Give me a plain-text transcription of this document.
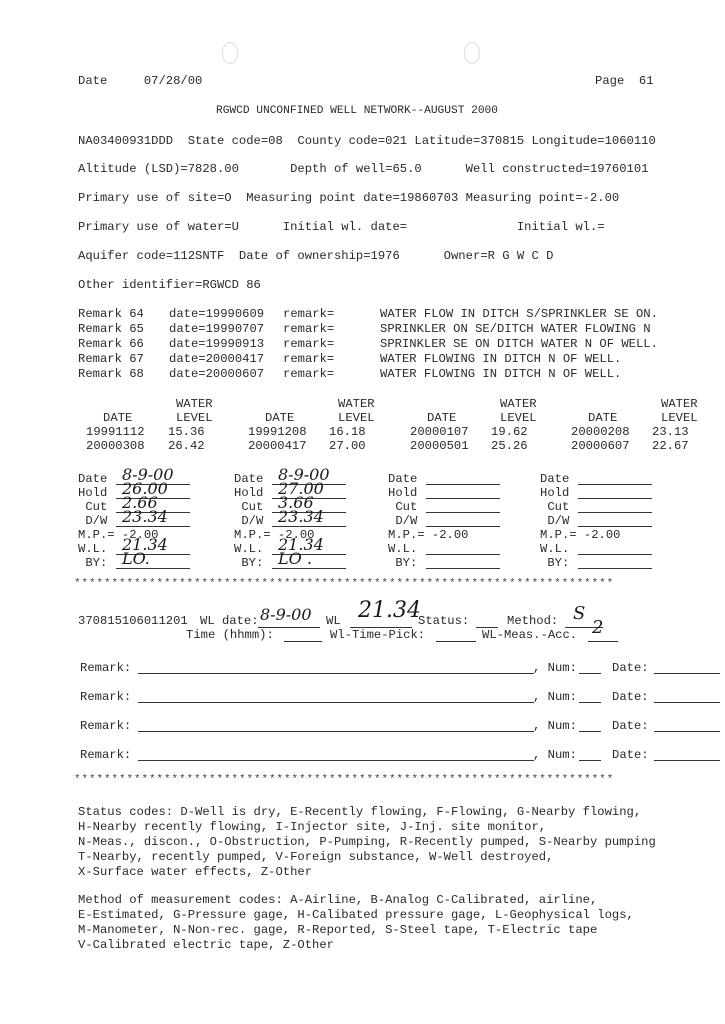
Date	07/28/00	Page 61
RGWCD UNCONFINED WELL NETWORK--AUGUST 2000
NA03400931DDD  State code=08  County code=021 Latitude=370815 Longitude=1060110
Altitude (LSD)=7828.00       Depth of well=65.0      Well constructed=19760101
Primary use of site=O  Measuring point date=19860703 Measuring point=-2.00
Primary use of water=U      Initial wl. date=               Initial wl.=
Aquifer code=112SNTF  Date of ownership=1976      Owner=R G W C D
Other identifier=RGWCD 86
Remark 64 date=19990609 remark=	WATER FLOW IN DITCH S/SPRINKLER SE ON.
Remark 65 date=19990707 remark=	SPRINKLER ON SE/DITCH WATER FLOWING N
Remark 66 date=19990913 remark=	SPRINKLER SE ON DITCH WATER N OF WELL.
Remark 67 date=20000417 remark=	WATER FLOWING IN DITCH N OF WELL.
Remark 68 date=20000607 remark=	WATER FLOWING IN DITCH N OF WELL.
WATER	WATER	WATER	WATER
DATE	LEVEL	DATE	LEVEL	DATE	LEVEL	DATE	LEVEL
19991112 15.36	19991208 16.18	20000107 19.62	20000208 23.13
20000308 26.42	20000417 27.00	20000501 25.26	20000607 22.67
Date 8-9-00
Hold 26.00
Cut 2.66
D/W 23.34
M.P.= -2.00
W.L. 21.34
BY: LO.
Date 8-9-00
Hold 27.00
Cut 3.66
D/W 23.34
M.P.= -2.00
W.L. 21.34
BY: LO .
Date
Hold
Cut
D/W
M.P.= -2.00
W.L.
BY:
Date
Hold
Cut
D/W
M.P.= -2.00
W.L.
BY:
************************************************************************
370815106011201 WL date: 8-9-00 WL 21.34
Status:	Method: S
Time (hhmm):	Wl-Time-Pick:	WL-Meas.-Acc. 2
Remark:	, Num:	Date:
Remark:	, Num:	Date:
Remark:	, Num:	Date:
Remark:	, Num:	Date:
************************************************************************
Status codes: D-Well is dry, E-Recently flowing, F-Flowing, G-Nearby flowing,
H-Nearby recently flowing, I-Injector site, J-Inj. site monitor,
N-Meas., discon., O-Obstruction, P-Pumping, R-Recently pumped, S-Nearby pumping
T-Nearby, recently pumped, V-Foreign substance, W-Well destroyed,
X-Surface water effects, Z-Other
Method of measurement codes: A-Airline, B-Analog C-Calibrated, airline,
E-Estimated, G-Pressure gage, H-Calibated pressure gage, L-Geophysical logs,
M-Manometer, N-Non-rec. gage, R-Reported, S-Steel tape, T-Electric tape
V-Calibrated electric tape, Z-Other
